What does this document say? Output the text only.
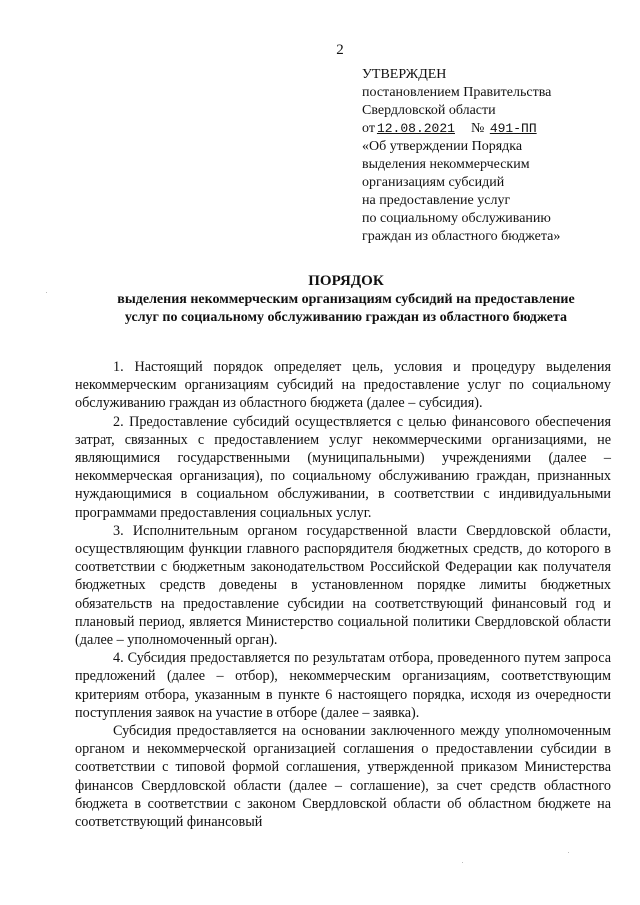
2
УТВЕРЖДЕН
постановлением Правительства
Свердловской области
от 12.08.2021 № 491-ПП
«Об утверждении Порядка
выделения некоммерческим
организациям субсидий
на предоставление услуг
по социальному обслуживанию
граждан из областного бюджета»
ПОРЯДОК
выделения некоммерческим организациям субсидий на предоставление
услуг по социальному обслуживанию граждан из областного бюджета

1. Настоящий порядок определяет цель, условия и процедуру выделения некоммерческим организациям субсидий на предоставление услуг по социальному обслуживанию граждан из областного бюджета (далее – субсидия).

2. Предоставление субсидий осуществляется с целью финансового обеспечения затрат, связанных с предоставлением услуг некоммерческими организациями, не являющимися государственными (муниципальными) учреждениями (далее – некоммерческая организация), по социальному обслуживанию граждан, признанных нуждающимися в социальном обслуживании, в соответствии с индивидуальными программами предоставления социальных услуг.

3. Исполнительным органом государственной власти Свердловской области, осуществляющим функции главного распорядителя бюджетных средств, до которого в соответствии с бюджетным законодательством Российской Федерации как получателя бюджетных средств доведены в установленном порядке лимиты бюджетных обязательств на предоставление субсидии на соответствующий финансовый год и плановый период, является Министерство социальной политики Свердловской области (далее – уполномоченный орган).

4. Субсидия предоставляется по результатам отбора, проведенного путем запроса предложений (далее – отбор), некоммерческим организациям, соответствующим критериям отбора, указанным в пункте 6 настоящего порядка, исходя из очередности поступления заявок на участие в отборе (далее – заявка).

Субсидия предоставляется на основании заключенного между уполномоченным органом и некоммерческой организацией соглашения о предоставлении субсидии в соответствии с типовой формой соглашения, утвержденной приказом Министерства финансов Свердловской области (далее – соглашение), за счет средств областного бюджета в соответствии с законом Свердловской области об областном бюджете на соответствующий финансовый
